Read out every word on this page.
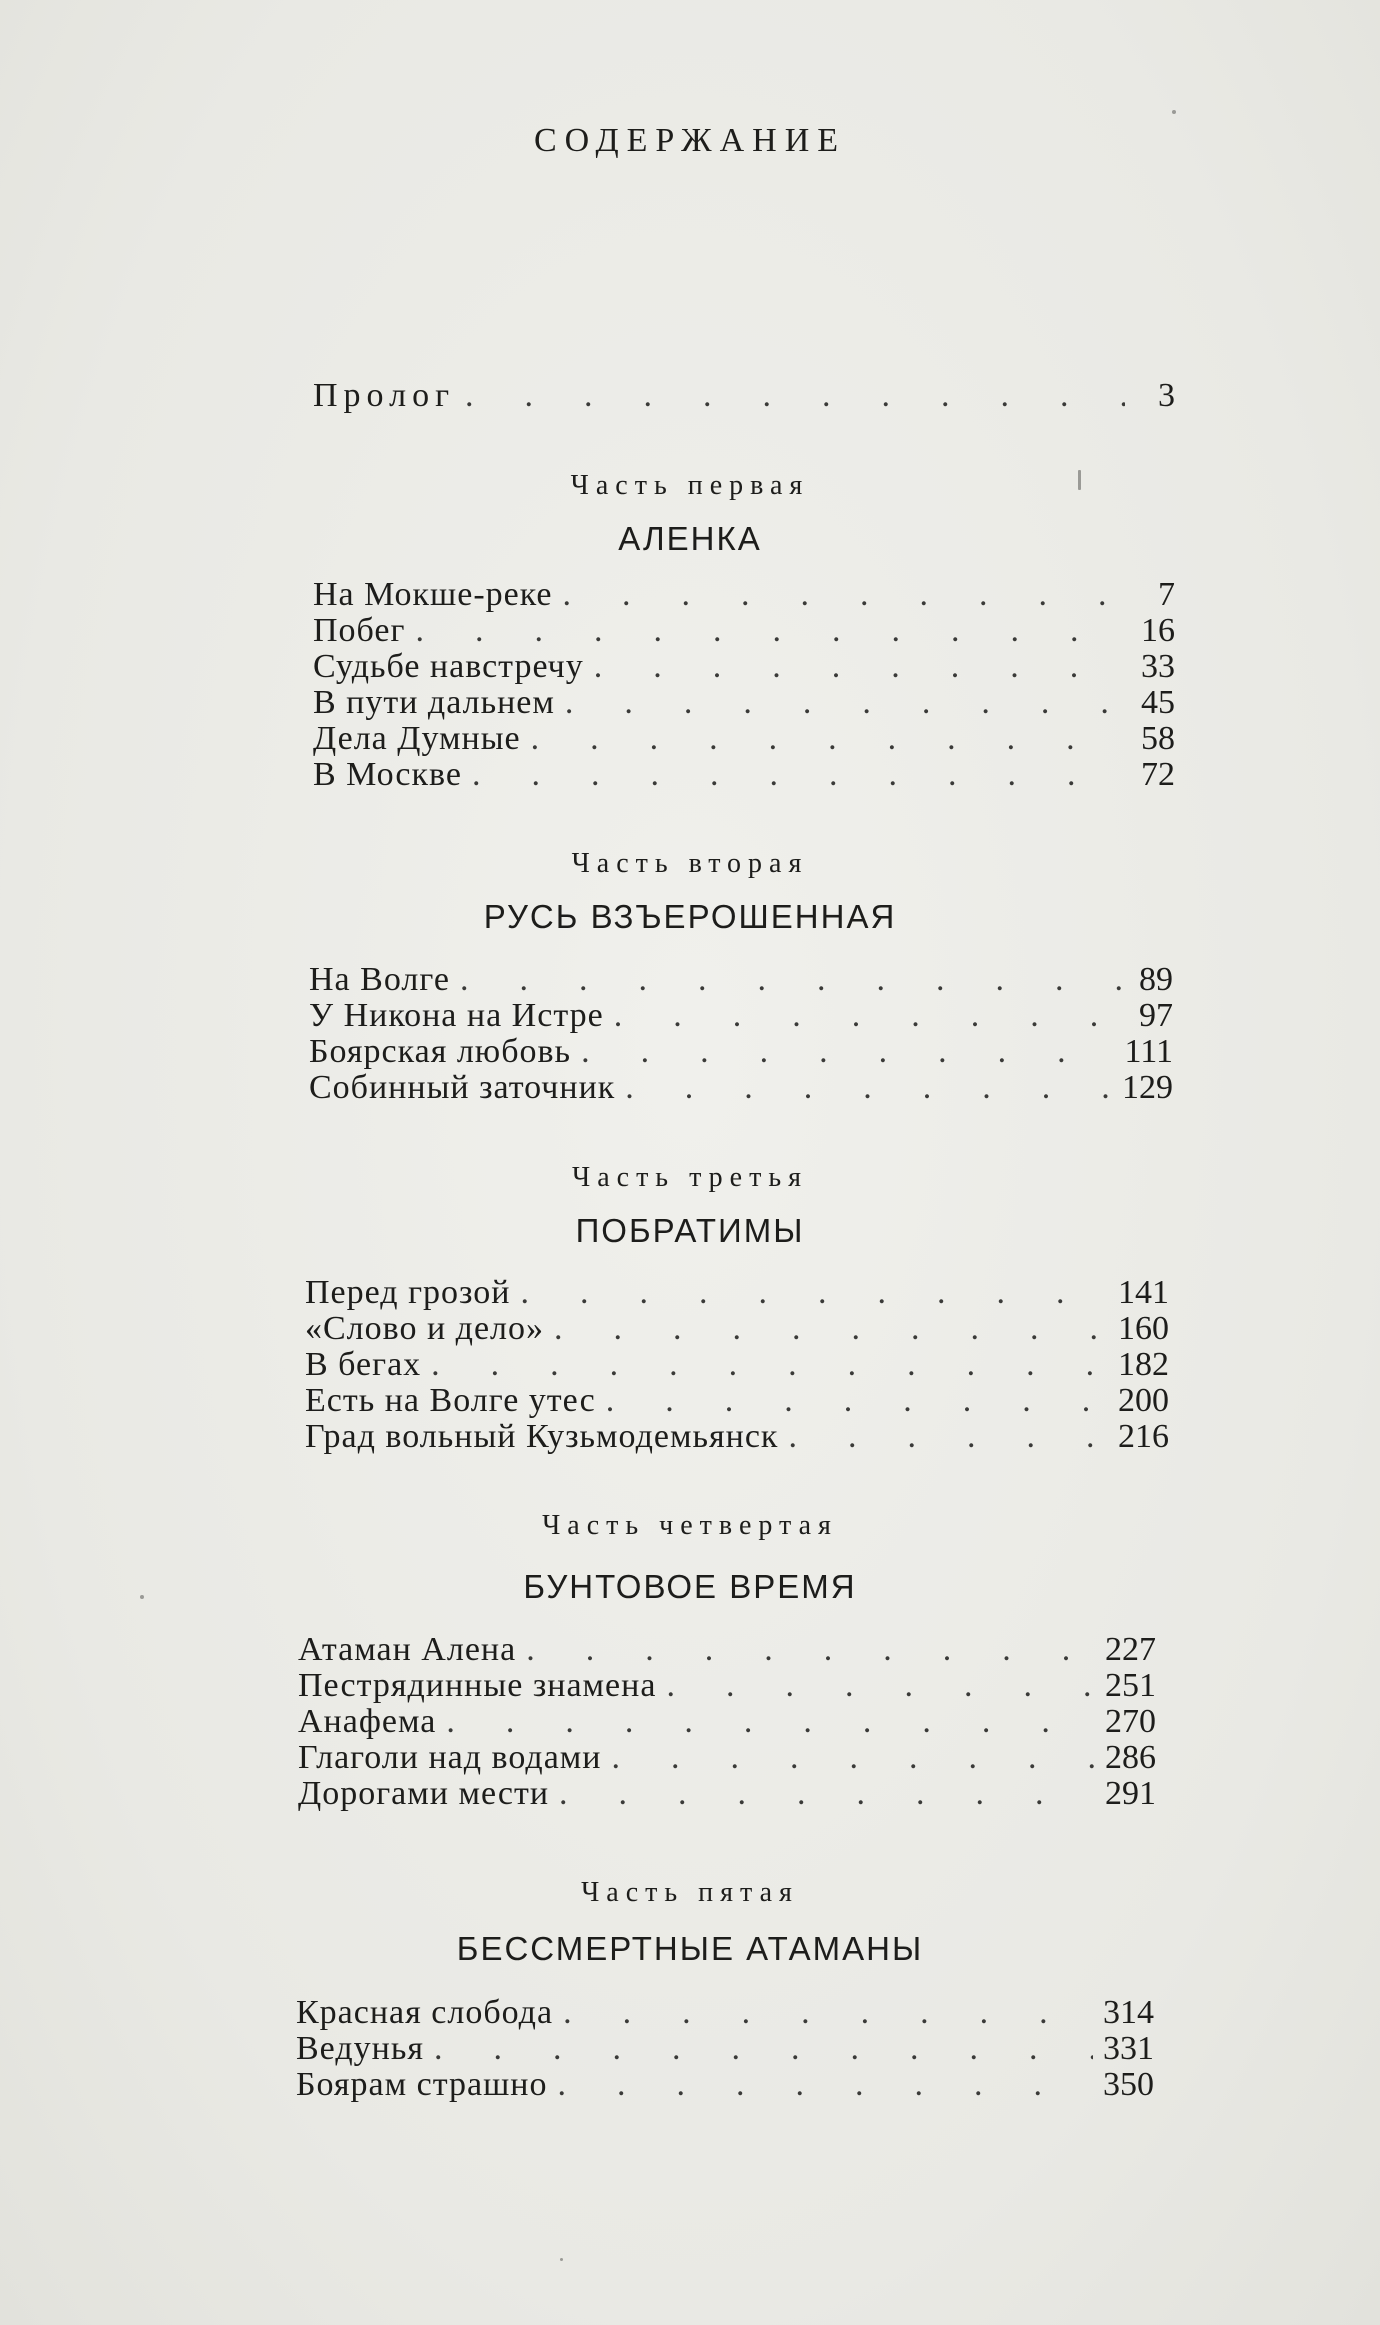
СОДЕРЖАНИЕ
Пролог .	3
Часть первая
АЛЕНКА
На Мокше-реке .	7
Побег .	16
Судьбе навстречу .	33
В пути дальнем .	45
Дела Думные .	58
В Москве .	72
Часть вторая
РУСЬ ВЗЪЕРОШЕННАЯ
На Волге .	89
У Никона на Истре .	97
Боярская любовь .	111
Собинный заточник .	129
Часть третья
ПОБРАТИМЫ
Перед грозой .	141
«Слово и дело» .	160
В бегах .	182
Есть на Волге утес .	200
Град вольный Кузьмодемьянск .	216
Часть четвертая
БУНТОВОЕ ВРЕМЯ
Атаман Алена .	227
Пестрядинные знамена .	251
Анафема .	270
Глаголи над водами .	286
Дорогами мести .	291
Часть пятая
БЕССМЕРТНЫЕ АТАМАНЫ
Красная слобода .	314
Ведунья .	331
Боярам страшно .	350
